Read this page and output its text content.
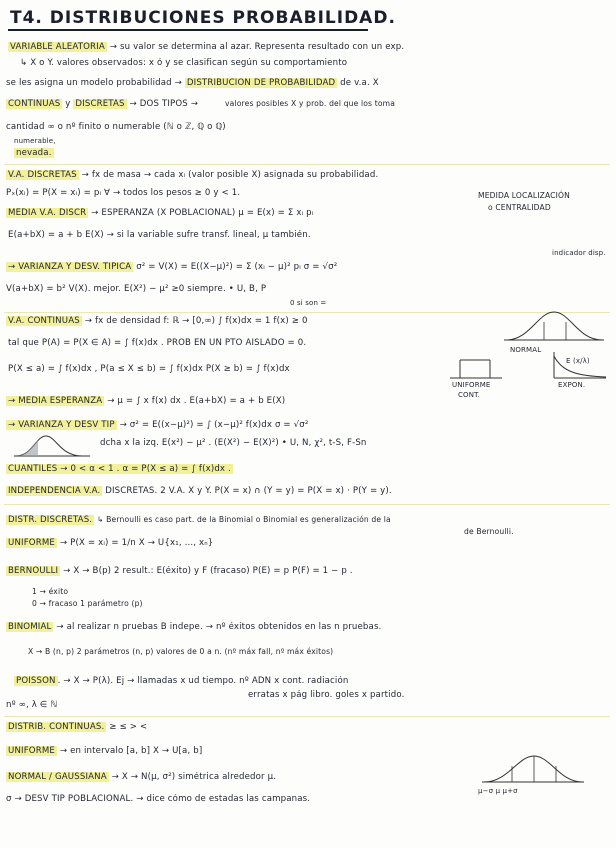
T4. DISTRIBUCIONES PROBABILIDAD.
VARIABLE ALEATORIA → su valor se determina al azar. Representa resultado con un exp.
↳ X o Y. valores observados: x ó y se clasifican según su comportamiento
se les asigna un modelo probabilidad → DISTRIBUCIÓN DE PROBABILIDAD de v.a. X
CONTINUAS y DISCRETAS → DOS TIPOS →	valores posibles X y prob. del que los toma
cantidad ∞ o nº finito o numerable (ℕ o ℤ, ℚ o ℚ)
numerable,
nevada.
V.A. DISCRETAS → fx de masa → cada xᵢ (valor posible X) asignada su probabilidad.
Pₓ(xᵢ) = P(X = xᵢ) = pᵢ ∀ → todos los pesos ≥ 0 y < 1.
MEDIA V.A. DISCR → ESPERANZA (X POBLACIONAL) μ = E(x) = Σ xᵢ pᵢ
MEDIDA LOCALIZACIÓN
o CENTRALIDAD
E(a+bX) = a + b E(X) → si la variable sufre transf. lineal, μ también.
→ VARIANZA Y DESV. TÍPICA σ² = V(X) = E((X−μ)²) = Σ (xᵢ − μ)² pᵢ σ = √σ²
indicador disp.
V(a+bX) = b² V(X). mejor. E(X²) − μ² ≥0 siempre. • U, B, P
0 si son =
V.A. CONTINUAS → fx de densidad f: ℝ → [0,∞) ∫ f(x)dx = 1 f(x) ≥ 0
tal que P(A) = P(X ∈ A) = ∫ f(x)dx . PROB EN UN PTO AISLADO = 0.
NORMAL
P(X ≤ a) = ∫ f(x)dx , P(a ≤ X ≤ b) = ∫ f(x)dx P(X ≥ b) = ∫ f(x)dx
E (x/λ)
UNIFORME
CONT.
EXPON.
→ MEDIA ESPERANZA → μ = ∫ x f(x) dx . E(a+bX) = a + b E(X)
→ VARIANZA Y DESV TÍP → σ² = E((x−μ)²) = ∫ (x−μ)² f(x)dx σ = √σ²
dcha x la izq. E(x²) − μ² . (E(X²) − E(X)²) • U, N, χ², t-S, F-Sn
CUANTILES → 0 < α < 1 . α = P(X ≤ a) = ∫ f(x)dx .
INDEPENDENCIA V.A. DISCRETAS. 2 V.A. X y Y. P(X = x) ∩ (Y = y) = P(X = x) · P(Y = y).
DISTR. DISCRETAS. ↳ Bernoulli es caso part. de la Binomial o Binomial es generalización de la
de Bernoulli.
UNIFORME → P(X = xᵢ) = 1/n X → U{x₁, ..., xₙ}
BERNOULLI → X → B(p) 2 result.: E(éxito) y F (fracaso) P(E) = p P(F) = 1 − p .
1 → éxito
0 → fracaso 1 parámetro (p)
BINOMIAL → al realizar n pruebas B indepe. → nº éxitos obtenidos en las n pruebas.
X → B (n, p) 2 parámetros (n, p) valores de 0 a n. (nº máx fall, nº máx éxitos)
POISSON . → X → P(λ). Ej → llamadas x ud tiempo. nº ADN x cont. radiación
erratas x pág libro. goles x partido.
nº ∞, λ ∈ ℕ
DISTRIB. CONTINUAS. ≥ ≤ > <
UNIFORME → en intervalo [a, b] X → U[a, b]
NORMAL / GAUSSIANA → X → N(μ, σ²) simétrica alrededor μ.
σ → DESV TÍP POBLACIONAL. → dice cómo de estadas las campanas.
μ−σ μ μ+σ
